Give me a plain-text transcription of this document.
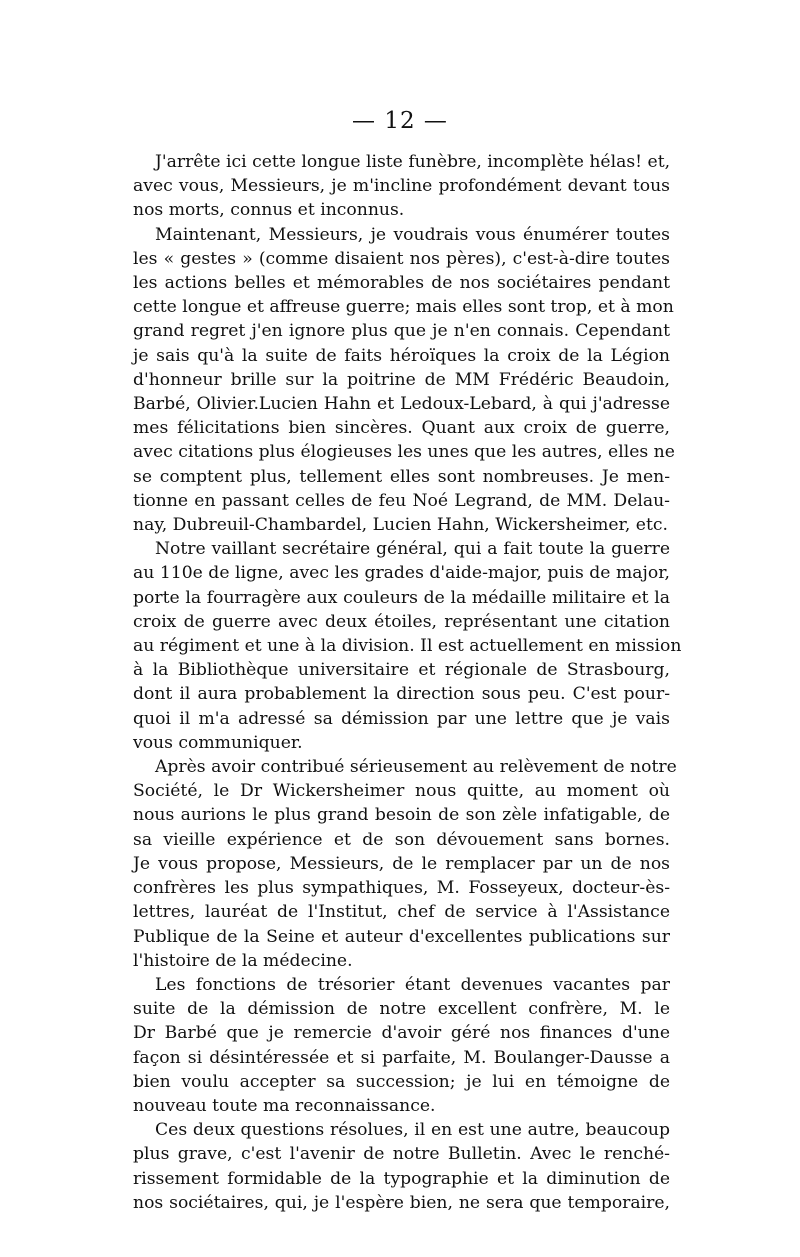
— 12 —
J'arrête ici cette longue liste funèbre, incomplète hélas! et,
avec vous, Messieurs, je m'incline profondément devant tous
nos morts, connus et inconnus.
Maintenant, Messieurs, je voudrais vous énumérer toutes
les « gestes » (comme disaient nos pères), c'est-à-dire toutes
les actions belles et mémorables de nos sociétaires pendant
cette longue et affreuse guerre; mais elles sont trop, et à mon
grand regret j'en ignore plus que je n'en connais. Cependant
je sais qu'à la suite de faits héroïques la croix de la Légion
d'honneur brille sur la poitrine de MM Frédéric Beaudoin,
Barbé, Olivier.Lucien Hahn et Ledoux-Lebard, à qui j'adresse
mes félicitations bien sincères. Quant aux croix de guerre,
avec citations plus élogieuses les unes que les autres, elles ne
se comptent plus, tellement elles sont nombreuses. Je men-
tionne en passant celles de feu Noé Legrand, de MM. Delau-
nay, Dubreuil-Chambardel, Lucien Hahn, Wickersheimer, etc.
Notre vaillant secrétaire général, qui a fait toute la guerre
au 110e de ligne, avec les grades d'aide-major, puis de major,
porte la fourragère aux couleurs de la médaille militaire et la
croix de guerre avec deux étoiles, représentant une citation
au régiment et une à la division. Il est actuellement en mission
à la Bibliothèque universitaire et régionale de Strasbourg,
dont il aura probablement la direction sous peu. C'est pour-
quoi il m'a adressé sa démission par une lettre que je vais
vous communiquer.
Après avoir contribué sérieusement au relèvement de notre
Société, le Dr Wickersheimer nous quitte, au moment où
nous aurions le plus grand besoin de son zèle infatigable, de
sa vieille expérience et de son dévouement sans bornes.
Je vous propose, Messieurs, de le remplacer par un de nos
confrères les plus sympathiques, M. Fosseyeux, docteur-ès-
lettres, lauréat de l'Institut, chef de service à l'Assistance
Publique de la Seine et auteur d'excellentes publications sur
l'histoire de la médecine.
Les fonctions de trésorier étant devenues vacantes par
suite de la démission de notre excellent confrère, M. le
Dr Barbé que je remercie d'avoir géré nos finances d'une
façon si désintéressée et si parfaite, M. Boulanger-Dausse a
bien voulu accepter sa succession; je lui en témoigne de
nouveau toute ma reconnaissance.
Ces deux questions résolues, il en est une autre, beaucoup
plus grave, c'est l'avenir de notre Bulletin. Avec le renché-
rissement formidable de la typographie et la diminution de
nos sociétaires, qui, je l'espère bien, ne sera que temporaire,
